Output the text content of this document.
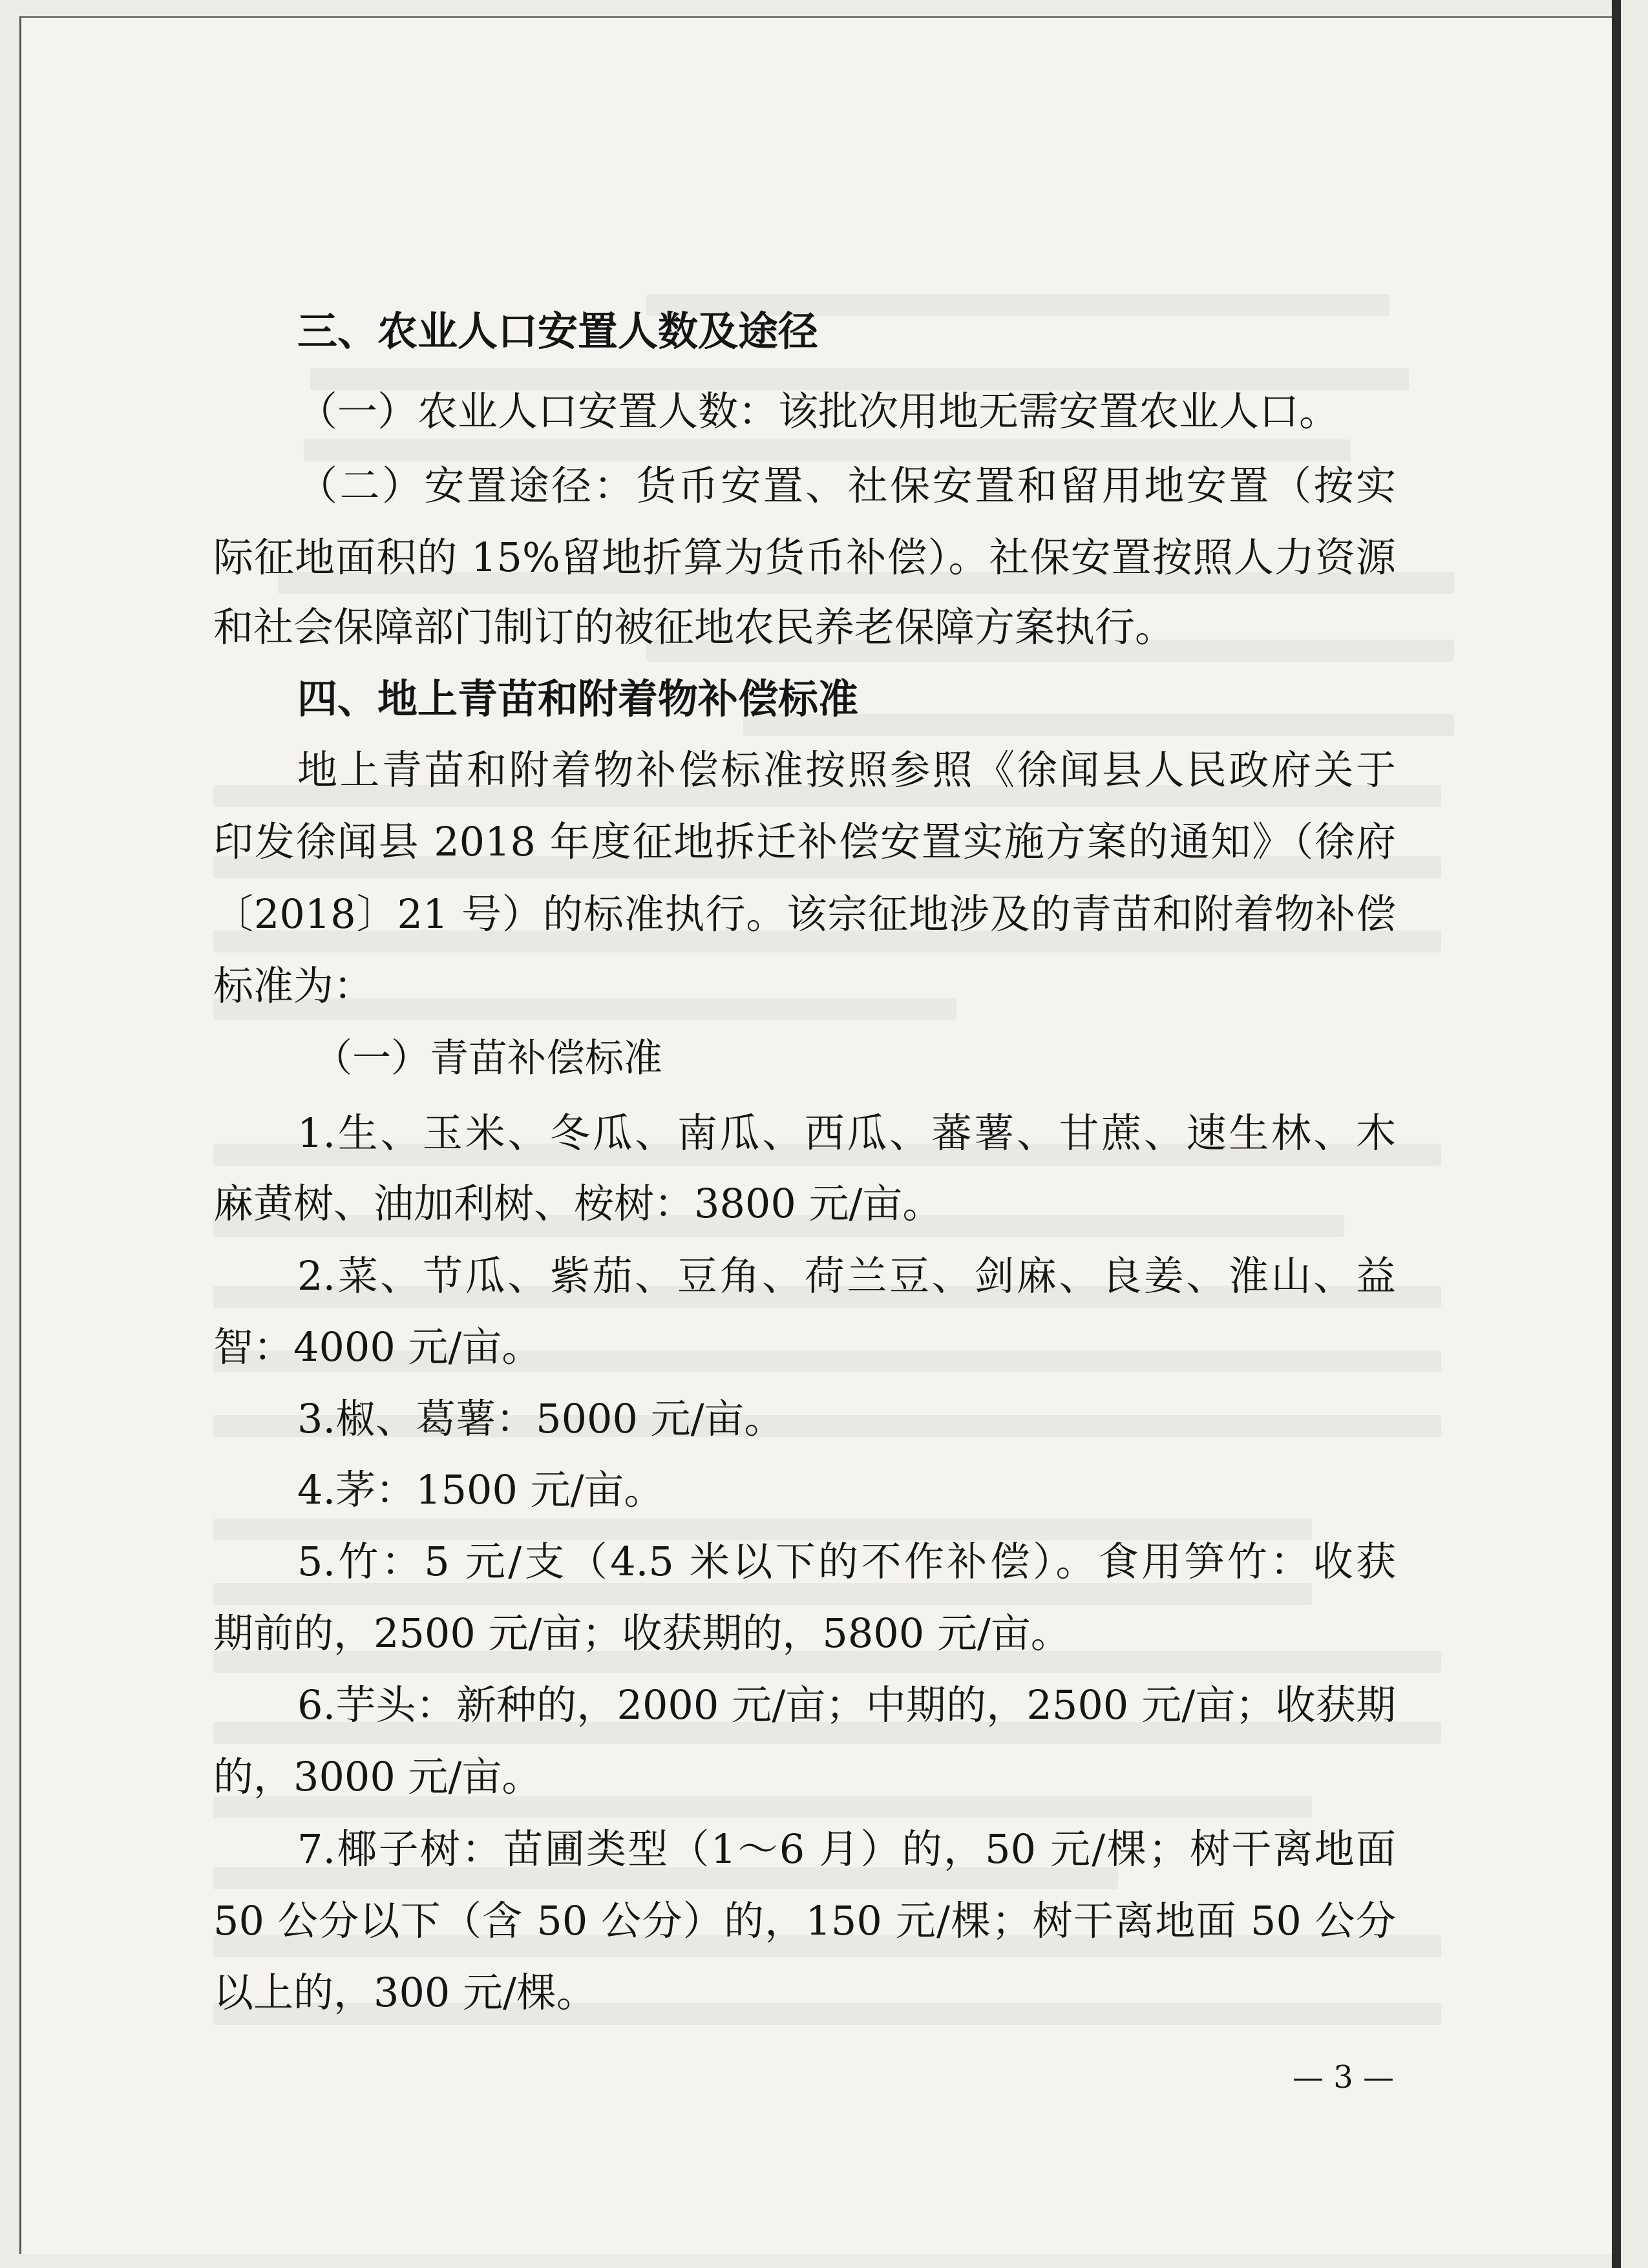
三、农业人口安置人数及途径

（一）农业人口安置人数：该批次用地无需安置农业人口。

（二）安置途径：货币安置、社保安置和留用地安置（按实

际征地面积的 15%留地折算为货币补偿）。社保安置按照人力资源

和社会保障部门制订的被征地农民养老保障方案执行。

四、地上青苗和附着物补偿标准

地上青苗和附着物补偿标准按照参照《徐闻县人民政府关于

印发徐闻县 2018 年度征地拆迁补偿安置实施方案的通知》（徐府

〔2018〕21 号）的标准执行。该宗征地涉及的青苗和附着物补偿

标准为：

（一）青苗补偿标准

1.生、玉米、冬瓜、南瓜、西瓜、蕃薯、甘蔗、速生林、木

麻黄树、油加利树、桉树：3800 元/亩。

2.菜、节瓜、紫茄、豆角、荷兰豆、剑麻、良姜、淮山、益

智：4000 元/亩。

3.椒、葛薯：5000 元/亩。

4.茅：1500 元/亩。

5.竹：5 元/支（4.5 米以下的不作补偿）。食用笋竹：收获

期前的，2500 元/亩；收获期的，5800 元/亩。

6.芋头：新种的，2000 元/亩；中期的，2500 元/亩；收获期

的，3000 元/亩。

7.椰子树：苗圃类型（1～6 月）的，50 元/棵；树干离地面

50 公分以下（含 50 公分）的，150 元/棵；树干离地面 50 公分

以上的，300 元/棵。

— 3 —
